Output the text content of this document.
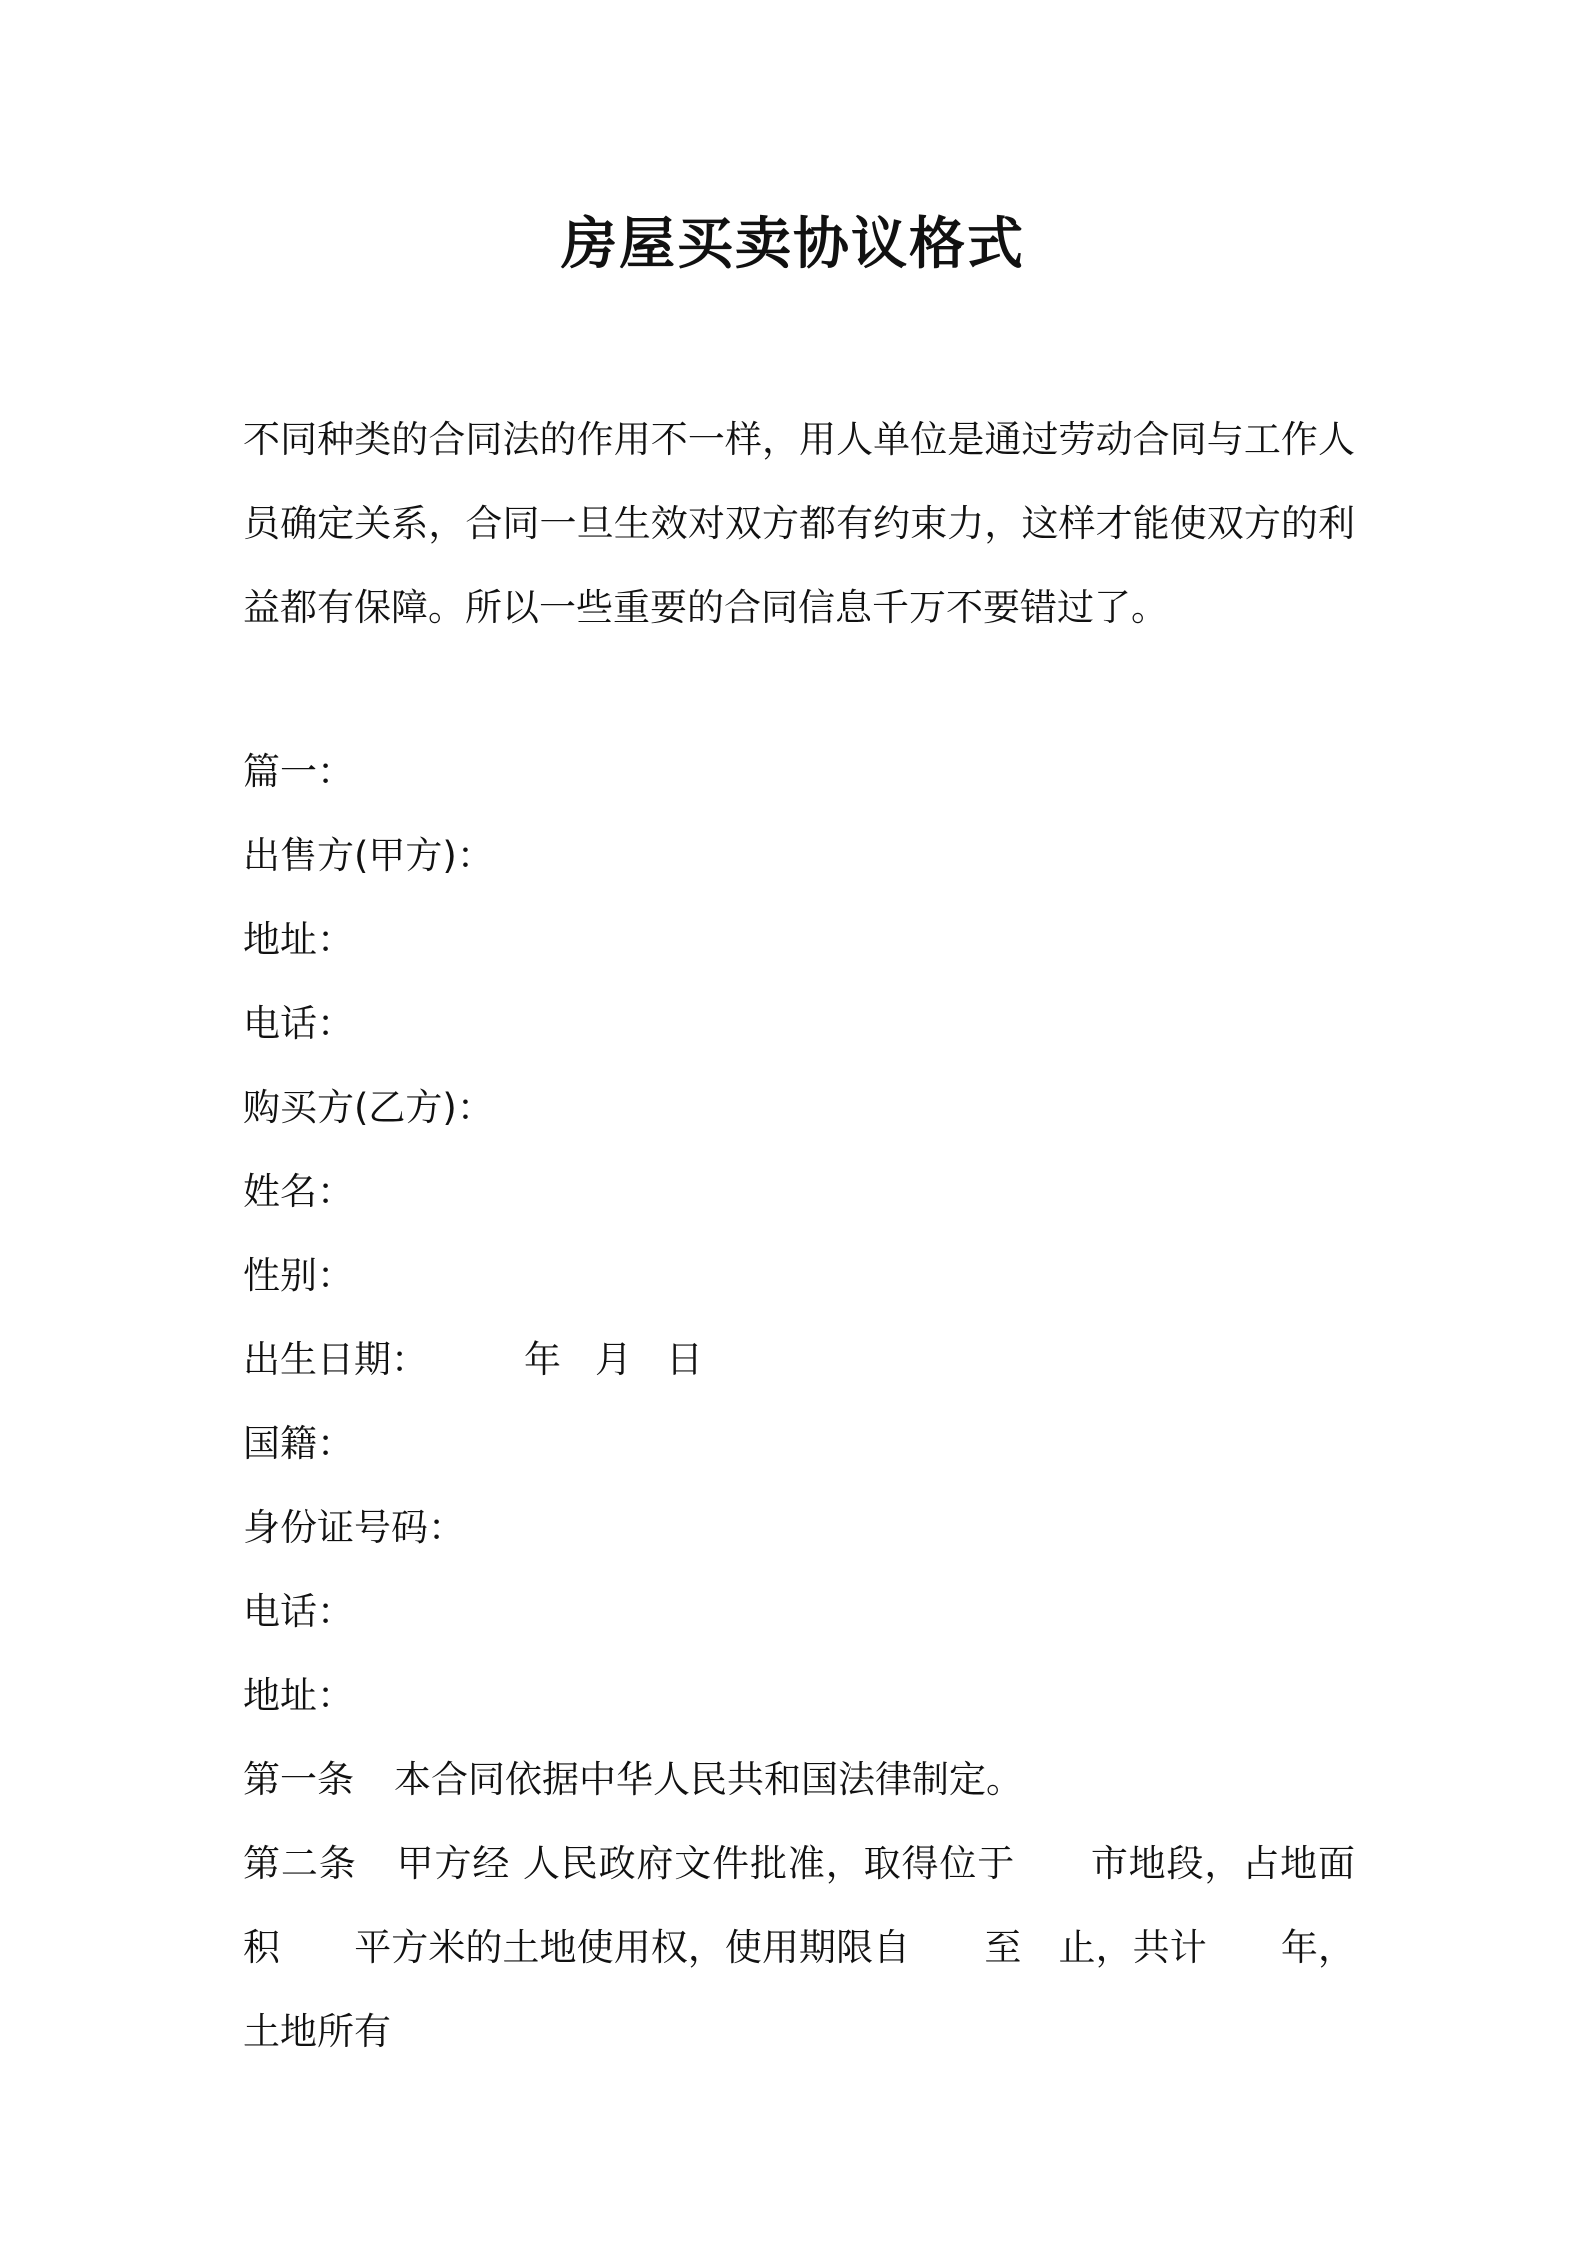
房屋买卖协议格式

不同种类的合同法的作用不一样，用人单位是通过劳动合同与工作人员确定关系，合同一旦生效对双方都有约束力，这样才能使双方的利益都有保障。所以一些重要的合同信息千万不要错过了。

篇一：
出售方(甲方)：
地址：
电话：
购买方(乙方)：
姓名：
性别：
出生日期：	年 月 日
国籍：
身份证号码：
电话：
地址：
第一条 本合同依据中华人民共和国法律制定。
第二条 甲方经 人民政府文件批准，取得位于　　市地段，占地面积　　平方米的土地使用权，使用期限自　　至　止，共计　　年，土地所有
